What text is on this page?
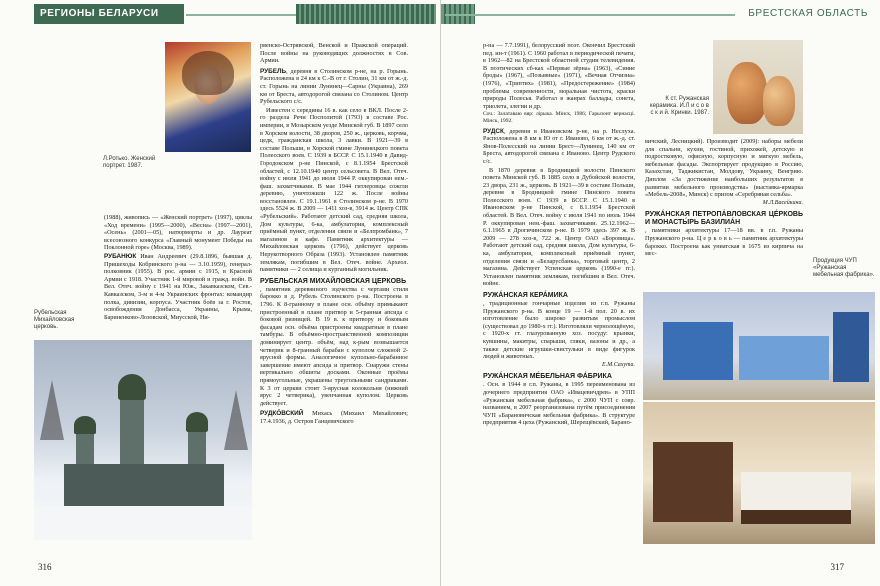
РЕГИОНЫ БЕЛАРУСИ
Л.Ротько. Женский портрет. 1987.

(1988), живопись — «Женский портрет» (1997), циклы «Ход времени» (1995—2000), «Весна» (1997—2001), «Осень» (2001—05), натюрморты и др. Лауреат всесоюзного конкурса «Главный монумент Победы на Поклонной горе» (Москва, 1989).

РУБАНЮК Иван Андреевич (29.8.1896, бывшая д. Пришеходы Кобринского р-на — 3.10.1959), генерал-полковник (1955). В рос. армии с 1915, в Красной Армии с 1918. Участник 1-й мировой и гражд. войн. В Вел. Отеч. войну с 1941 на Юж., Закавказском, Сев.-Кавказском, 3-м и 4-м Украинских фронтах: командир полка, дивизии, корпуса. Участник боёв за г. Ростов, освобождения Донбасса, Украины, Крыма, Бариненково-Лозовской, Миусской, Ни-

Рубельская Михайловская церковь.

рвенско-Острявской, Венской и Пражской операций. После войны на руководящих должностях в Сов. Армии.

РУБЕЛЬ, деревня в Столинском р-не, на р. Горынь. Расположена в 24 км к С.-В от г. Столин, 31 км от ж.-д. ст. Горынь на линии Лунинец—Сарны (Украина), 269 км от Бреста, автодорогой связана со Столином. Центр Рубельского с/с.

Известен с середины 16 в. как село в ВКЛ. После 2-го раздела Речи Посполитой (1793) в составе Рос. империи, в Мозырском уезде Минской губ. В 1897 село в Хорском волости, 38 дворов, 250 ж., церковь, корчма, цедк, гражданская школа, 3 лавки. В 1921—39 в составе Польши, в Хорской гмине Лунинецкого повета Полесского воев. С 1939 в БССР. С 15.1.1940 в Давид-Городокском р-не Пинской, с 8.1.1954 Брестской областей, с 12.10.1940 центр сельсовета. В Вел. Отеч. войну с июля 1941 до июля 1944 Р. оккупирован нем.-фаш. захватчиками. В мае 1944 гитлеровцы сожгли деревню, уничтожили 122 ж. После войны восстановлен. С 19.1.1961 в Столинском р-не. В 1970 здесь 5524 ж. В 2009 — 1411 хоз-в, 3914 ж. Центр СПК «Рубельский». Работают детский сад, средняя школа, Дом культуры, 6-ка, амбулатория, комплексный приёмный пункт, отделения связи и «Белпромбанк», 7 магазинов и кафе. Памятник архитектуры — Михайловская церковь (1796), действует церковь Нерукотворного Образа (1993). Установлен памятник землякам, погибшим в Вел. Отеч. войне. Археол. памятники — 2 селища и курганный могильник.

РУБЕЛЬСКАЯ МИХАЙЛОВСКАЯ ЦЕРКОВЬ
, памятник деревянного зодчества с чертами стиля барокко в д. Рубель Столинского р-на. Построена в 1796. К 8-гранному в плане осн. объёму примыкают пристроенный в плане притвор и 5-гранная апсида с боковой ризницей. В 19 в. к притвору и боковым фасадам осн. объёма пристроены квадратные в плане тамбуры. В объёмно-пространственной композиции доминирует центр. объём, над к-рым возвышается четверик и 8-гранный барабан с куполом сложной 2-яруcной формы. Аналогичное купольно-барабанное завершение имеют апсида и притвор. Снаружи стены вертикально обшиты досками. Оконные проёмы прямоугольные, украшены треугольными сандриками. К 3 от церкви стоит 3-ярусная колокольня (нижний ярус 2 четверика), увенчанная куполом. Церковь действует.

РУДКО́ВСКИЙ Михась (Михаил Михайлович; 17.4.1936, д. Остров Ганцевичского

316
БРЕСТСКАЯ ОБЛАСТЬ

р-на — 7.7.1991), белорусский поэт. Окончил Брестский пед. ин-т (1961). С 1960 работал в периодической печати, в 1962—82 на Брестской областной студии телевидения. В поэтических сб-ках «Первые зёрна» (1963), «Синие броды» (1967), «Позывные» (1971), «Вечная Отчизна» (1976), «Триптих» (1981), «Предостережение» (1984) проблемы современности, моральная чистота, краски природы Полесья. Работал в жанрах баллады, сонета, триолета, элегии и др.

Соч.: Залатаваю вяр: лірыка. Мінск, 1986; Гарызонт вернасці. Мінск, 1992.

РУДСК, деревня в Ивановском р-не, на р. Неслуха. Расположена в 8 км к Ю от г. Иваново, 6 км от ж.-д. ст. Янов-Полесский на линии Брест—Лунинец, 140 км от Бреста, автодорогой связана с Иваново. Центр Рудского с/с.

В 1870 деревня в Бродницкой волости Пинского повета Минской губ. В 1885 село в Дубойской волости, 23 двора, 231 ж., церковь. В 1921—39 в составе Польши, деревня в Бродницкой гмине Пинского повета Полесского воев. С 1939 в БССР. С 15.1.1940 в Ивановском р-не Пинской, с 8.1.1954 Брестской областей. В Вел. Отеч. войну с июля 1941 по июль 1944 Р. оккупирован нем.-фаш. захватчиками. 25.12.1962—6.1.1965 в Дрогичинском р-не. В 1979 здесь 397 ж. В 2009 — 278 хоз-в, 722 ж. Центр ОАО «Боровица». Работают детский сад, средняя школа, Дом культуры, 6-ка, амбулатория, комплексный приёмный пункт, отделения связи и «Беларусбанка», торговый центр, 2 магазина. Действует Успенская церковь (1990-е гг.). Установлен памятник землякам, погибшим в Вел. Отеч. войне.

РУЖА́НСКАЯ КЕРА́МИКА
, традиционные гончарные изделия из г.п. Ружаны Пружанского р-на. В конце 19 — 1-й пол. 20 в. их изготовление было широко развитым промыслом (существовал до 1980-х гг.). Изготовляли чернолощёную, с 1920-х гг. глазурованную хоз. посуду: крынки, кувшины, макитры, спарыши, гляки, вазоны и др., а также детские игрушки-свистульки в виде фигурок людей и животных.

Е.М.Сахута.

РУЖА́НСКАЯ МЕ́БЕЛЬНАЯ ФА́БРИКА
. Осн. в 1944 в г.п. Ружаны, в 1995 переименована из дочернего предприятия ОАО «Ивацевичдрев» в УПП «Ружанская мебельная фабрика», с 2000 ЧУП с совр. названием, в 2007 реорганизована путём присоединения ЧУП «Барановичская мебельная фабрика». В структуре предприятия 4 цеха (Ружанский, Шерещёвский, Барано-

К ст. Ружанская керамика. И.Л и с о в с к и й. Кринки. 1987.

вичский, Лесницкий). Производит (2009): наборы мебели для спальни, кухни, гостиной, прихожей, детскую и подростковую, офисную, корпусную и мягкую мебель, мебельные фасады. Экспортирует продукцию в Россию, Казахстан, Таджикистан, Молдову, Украину, Венгрию. Диплом «За достижение наибольших результатов в развитии мебельного производства» (выставка-ярмарка «Мебель-2008», Минск) с призом «Серебряная сельба».

М.Л.Васейкина.

РУЖА́НСКАЯ ПЕТРОПА́ВЛОВСКАЯ ЦЕ́РКОВЬ И МОНАСТЫ́РЬ БАЗИЛИА́Н
, памятники архитектуры 17—18 вв. в г.п. Ружаны Пружанского р-на. Ц е р к о в ь — памятник архитектуры барокко. Построена как униатская в 1675 из кирпича на мес-

Продукция ЧУП «Ружанская мебельная фабрика».
317
